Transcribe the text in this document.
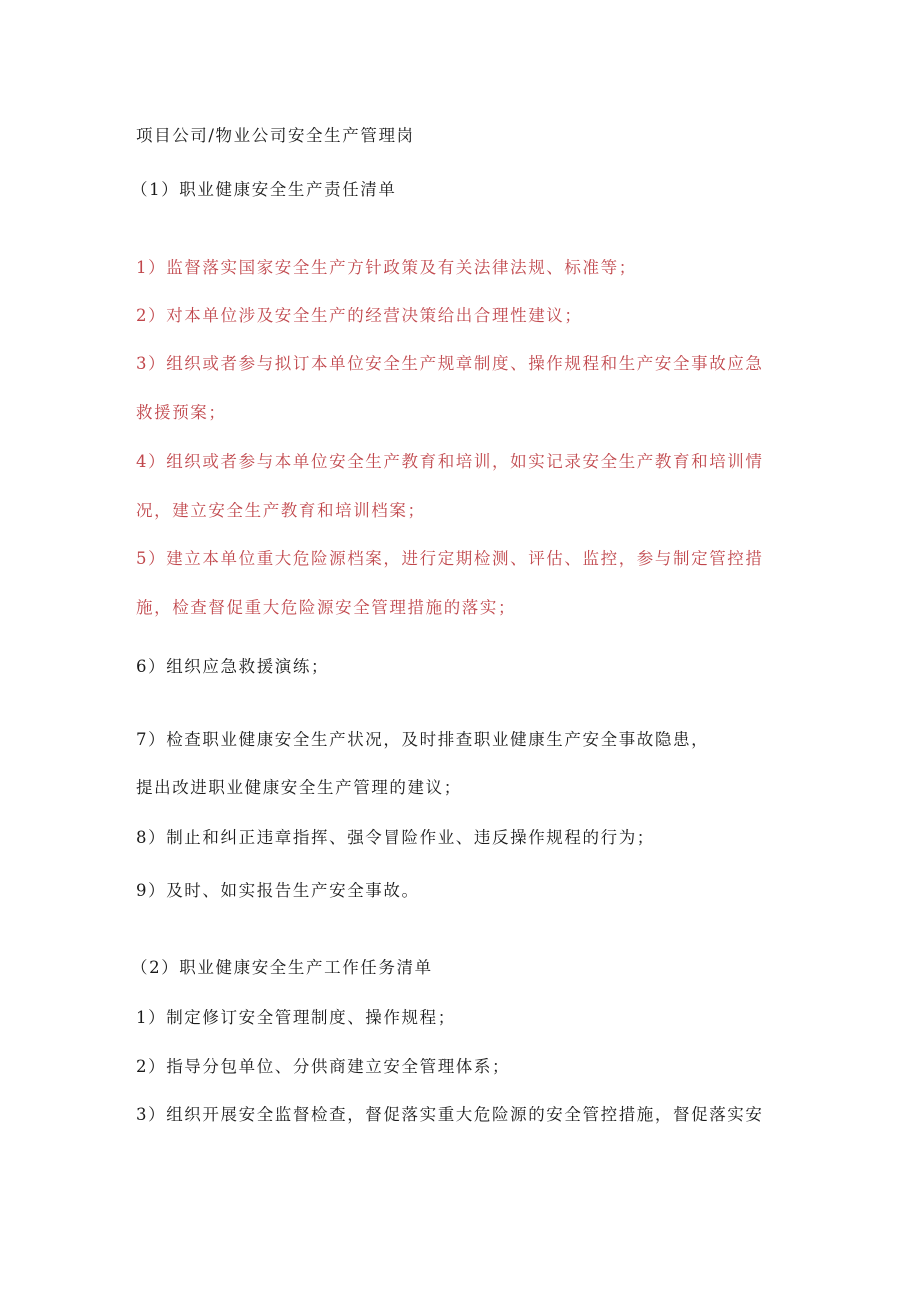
项目公司/物业公司安全生产管理岗
（1）职业健康安全生产责任清单
1）监督落实国家安全生产方针政策及有关法律法规、标准等；
2）对本单位涉及安全生产的经营决策给出合理性建议；
3）组织或者参与拟订本单位安全生产规章制度、操作规程和生产安全事故应急
救援预案；
4）组织或者参与本单位安全生产教育和培训，如实记录安全生产教育和培训情
况，建立安全生产教育和培训档案；
5）建立本单位重大危险源档案，进行定期检测、评估、监控，参与制定管控措
施，检查督促重大危险源安全管理措施的落实；
6）组织应急救援演练；
7）检查职业健康安全生产状况，及时排查职业健康生产安全事故隐患，
提出改进职业健康安全生产管理的建议；
8）制止和纠正违章指挥、强令冒险作业、违反操作规程的行为；
9）及时、如实报告生产安全事故。
（2）职业健康安全生产工作任务清单
1）制定修订安全管理制度、操作规程；
2）指导分包单位、分供商建立安全管理体系；
3）组织开展安全监督检查，督促落实重大危险源的安全管控措施，督促落实安
